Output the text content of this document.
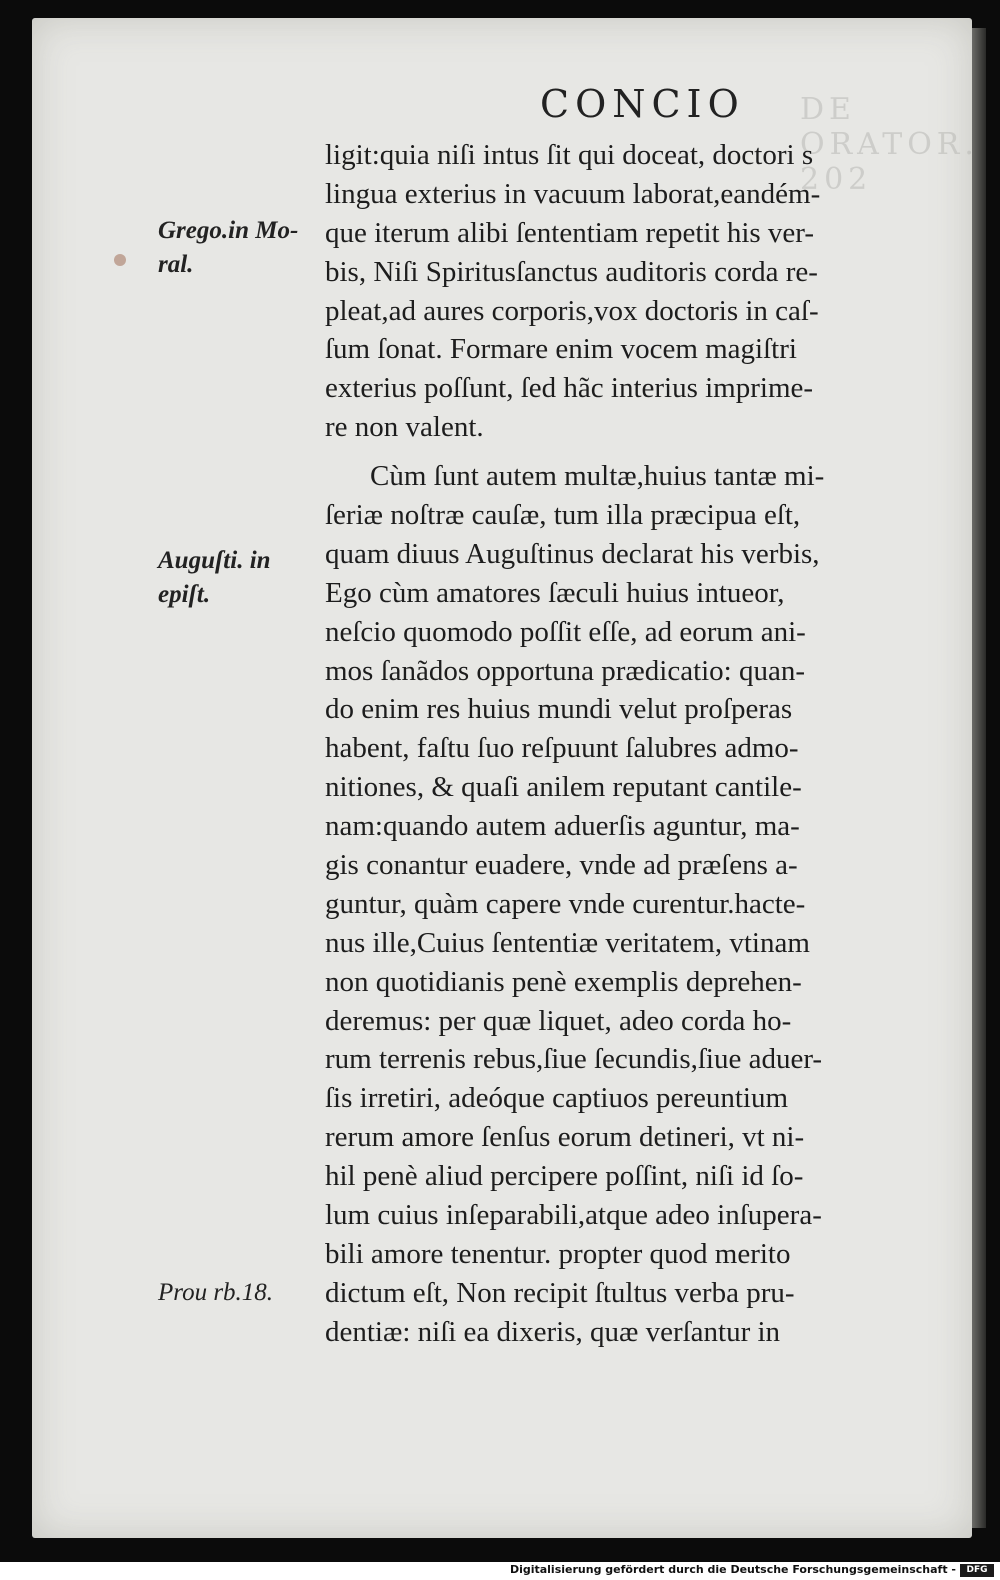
DE ORATOR. 202
CONCIO
Grego.in Mo-
ral.
Auguſti. in
epiſt.
Prou rb.18.
ligit:quia niſi intus ſit qui doceat, doctori s
lingua exterius in vacuum laborat,eandém-
que iterum alibi ſententiam repetit his ver-
bis, Niſi Spiritusſanctus auditoris corda re-
pleat,ad aures corporis,vox doctoris in caſ-
ſum ſonat. Formare enim vocem magiſtri
exterius poſſunt, ſed hãc interius imprime-
re non valent.
Cùm ſunt autem multæ,huius tantæ mi-
ſeriæ noſtræ cauſæ, tum illa præcipua eſt,
quam diuus Auguſtinus declarat his verbis,
Ego cùm amatores ſæculi huius intueor,
neſcio quomodo poſſit eſſe, ad eorum ani-
mos ſanãdos opportuna prædicatio: quan-
do enim res huius mundi velut proſperas
habent, faſtu ſuo reſpuunt ſalubres admo-
nitiones, & quaſi anilem reputant cantile-
nam:quando autem aduerſis aguntur, ma-
gis conantur euadere, vnde ad præſens a-
guntur, quàm capere vnde curentur.hacte-
nus ille,Cuius ſententiæ veritatem, vtinam
non quotidianis penè exemplis deprehen-
deremus: per quæ liquet, adeo corda ho-
rum terrenis rebus,ſiue ſecundis,ſiue aduer-
ſis irretiri, adeóque captiuos pereuntium
rerum amore ſenſus eorum detineri, vt ni-
hil penè aliud percipere poſſint, niſi id ſo-
lum cuius inſeparabili,atque adeo inſupera-
bili amore tenentur. propter quod merito
dictum eſt, Non recipit ſtultus verba pru-
dentiæ: niſi ea dixeris, quæ verſantur in
Digitalisierung gefördert durch die Deutsche Forschungsgemeinschaft -	DFG
